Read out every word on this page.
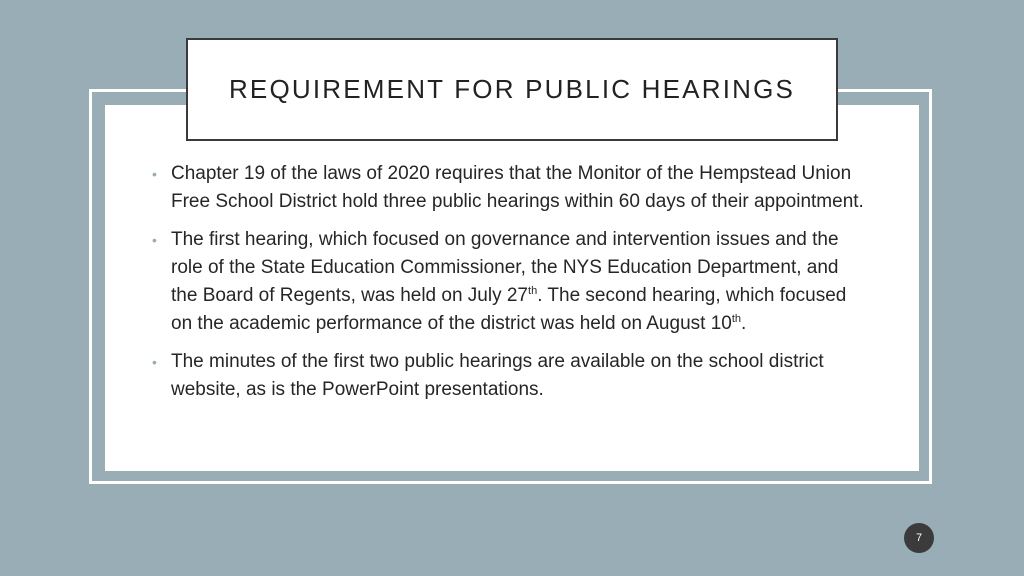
REQUIREMENT FOR PUBLIC HEARINGS
• Chapter 19 of the laws of 2020 requires that the Monitor of the Hempstead Union Free School District hold three public hearings within 60 days of their appointment.
• The first hearing, which focused on governance and intervention issues and the role of the State Education Commissioner, the NYS Education Department, and the Board of Regents, was held on July 27th. The second hearing, which focused on the academic performance of the district was held on August 10th.
• The minutes of the first two public hearings are available on the school district website, as is the PowerPoint presentations.
7
